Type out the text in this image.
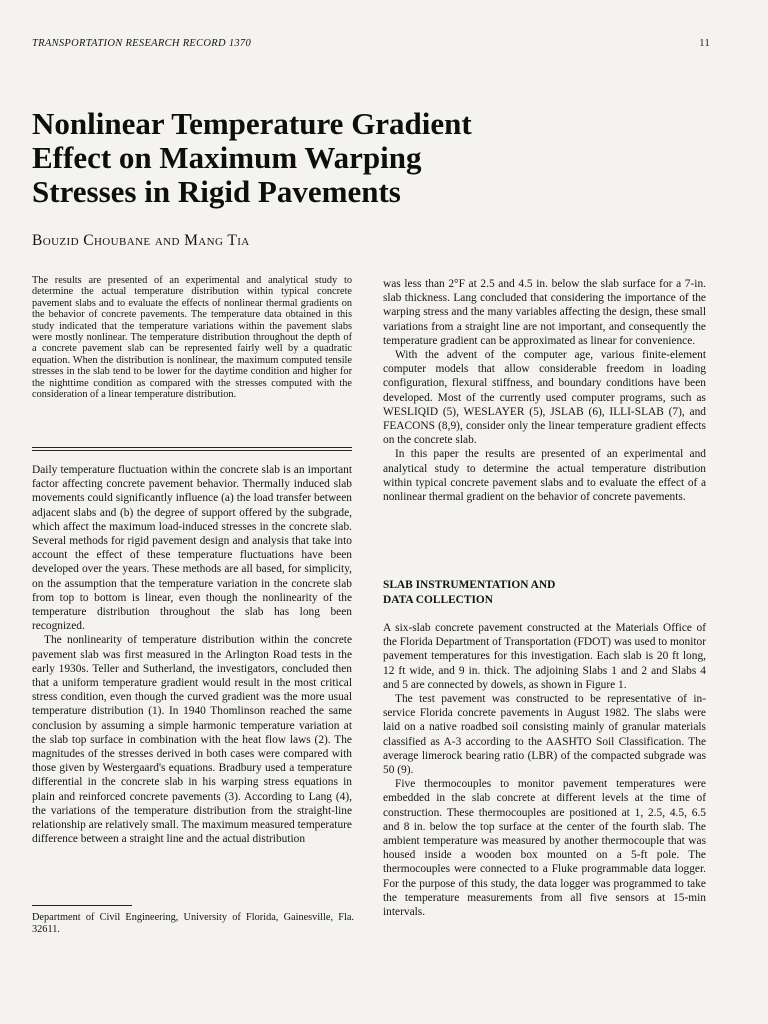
TRANSPORTATION RESEARCH RECORD 1370	11
Nonlinear Temperature Gradient
Effect on Maximum Warping
Stresses in Rigid Pavements
Bouzid Choubane and Mang Tia
The results are presented of an experimental and analytical study to determine the actual temperature distribution within typical concrete pavement slabs and to evaluate the effects of nonlinear thermal gradients on the behavior of concrete pavements. The temperature data obtained in this study indicated that the temperature variations within the pavement slabs were mostly nonlinear. The temperature distribution throughout the depth of a concrete pavement slab can be represented fairly well by a quadratic equation. When the distribution is nonlinear, the maximum computed tensile stresses in the slab tend to be lower for the daytime condition and higher for the nighttime condition as compared with the stresses computed with the consideration of a linear temperature distribution.

Daily temperature fluctuation within the concrete slab is an important factor affecting concrete pavement behavior. Thermally induced slab movements could significantly influence (a) the load transfer between adjacent slabs and (b) the degree of support offered by the subgrade, which affect the maximum load-induced stresses in the concrete slab. Several methods for rigid pavement design and analysis that take into account the effect of these temperature fluctuations have been developed over the years. These methods are all based, for simplicity, on the assumption that the temperature variation in the concrete slab from top to bottom is linear, even though the nonlinearity of the temperature distribution throughout the slab has long been recognized.

The nonlinearity of temperature distribution within the concrete pavement slab was first measured in the Arlington Road tests in the early 1930s. Teller and Sutherland, the investigators, concluded then that a uniform temperature gradient would result in the most critical stress condition, even though the curved gradient was the more usual temperature distribution (1). In 1940 Thomlinson reached the same conclusion by assuming a simple harmonic temperature variation at the slab top surface in combination with the heat flow laws (2). The magnitudes of the stresses derived in both cases were compared with those given by Westergaard's equations. Bradbury used a temperature differential in the concrete slab in his warping stress equations in plain and reinforced concrete pavements (3). According to Lang (4), the variations of the temperature distribution from the straight-line relationship are relatively small. The maximum measured temperature difference between a straight line and the actual distribution

was less than 2°F at 2.5 and 4.5 in. below the slab surface for a 7-in. slab thickness. Lang concluded that considering the importance of the warping stress and the many variables affecting the design, these small variations from a straight line are not important, and consequently the temperature gradient can be approximated as linear for convenience.

With the advent of the computer age, various finite-element computer models that allow considerable freedom in loading configuration, flexural stiffness, and boundary conditions have been developed. Most of the currently used computer programs, such as WESLIQID (5), WESLAYER (5), JSLAB (6), ILLI-SLAB (7), and FEACONS (8,9), consider only the linear temperature gradient effects on the concrete slab.

In this paper the results are presented of an experimental and analytical study to determine the actual temperature distribution within typical concrete pavement slabs and to evaluate the effect of a nonlinear thermal gradient on the behavior of concrete pavements.

SLAB INSTRUMENTATION AND
DATA COLLECTION

A six-slab concrete pavement constructed at the Materials Office of the Florida Department of Transportation (FDOT) was used to monitor pavement temperatures for this investigation. Each slab is 20 ft long, 12 ft wide, and 9 in. thick. The adjoining Slabs 1 and 2 and Slabs 4 and 5 are connected by dowels, as shown in Figure 1.

The test pavement was constructed to be representative of in-service Florida concrete pavements in August 1982. The slabs were laid on a native roadbed soil consisting mainly of granular materials classified as A-3 according to the AASHTO Soil Classification. The average limerock bearing ratio (LBR) of the compacted subgrade was 50 (9).

Five thermocouples to monitor pavement temperatures were embedded in the slab concrete at different levels at the time of construction. These thermocouples are positioned at 1, 2.5, 4.5, 6.5 and 8 in. below the top surface at the center of the fourth slab. The ambient temperature was measured by another thermocouple that was housed inside a wooden box mounted on a 5-ft pole. The thermocouples were connected to a Fluke programmable data logger. For the purpose of this study, the data logger was programmed to take the temperature measurements from all five sensors at 15-min intervals.

Department of Civil Engineering, University of Florida, Gainesville, Fla. 32611.
